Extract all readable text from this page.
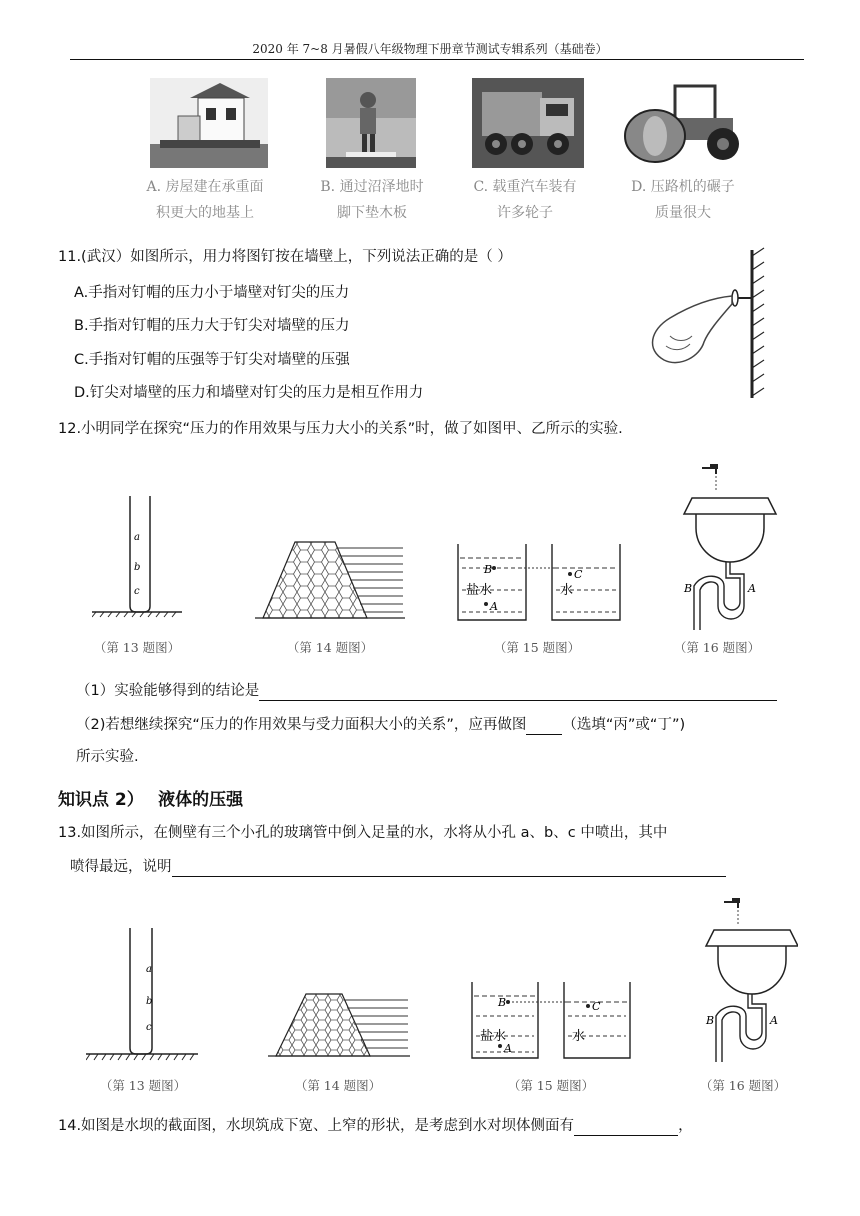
2020 年 7~8 月暑假八年级物理下册章节测试专辑系列（基础卷）
A. 房屋建在承重面
积更大的地基上
B. 通过沼泽地时
脚下垫木板
C. 载重汽车装有
许多轮子
D. 压路机的碾子
质量很大
11.(武汉）如图所示，用力将图钉按在墙壁上，下列说法正确的是（ ）
A.手指对钉帽的压力小于墙壁对钉尖的压力
B.手指对钉帽的压力大于钉尖对墙壁的压力
C.手指对钉帽的压强等于钉尖对墙壁的压强
D.钉尖对墙壁的压力和墙壁对钉尖的压力是相互作用力
12.小明同学在探究“压力的作用效果与压力大小的关系”时，做了如图甲、乙所示的实验.
a
b
c
（第 13 题图）	（第 14 题图）
B
A
C
盐水	水
（第 15 题图）
B	A
（第 16 题图）
（1）实验能够得到的结论是
（2)若想继续探究“压力的作用效果与受力面积大小的关系”，应再做图 （选填“丙”或“丁”)
所示实验.
知识点 2）　 液体的压强
13.如图所示，在侧壁有三个小孔的玻璃管中倒入足量的水，水将从小孔 a、b、c 中喷出，其中
喷得最远，说明
a
b
c
（第 13 题图）	（第 14 题图）
B
A
C
盐水	水
（第 15 题图）
B	A
（第 16 题图）
14.如图是水坝的截面图，水坝筑成下宽、上窄的形状，是考虑到水对坝体侧面有	，
